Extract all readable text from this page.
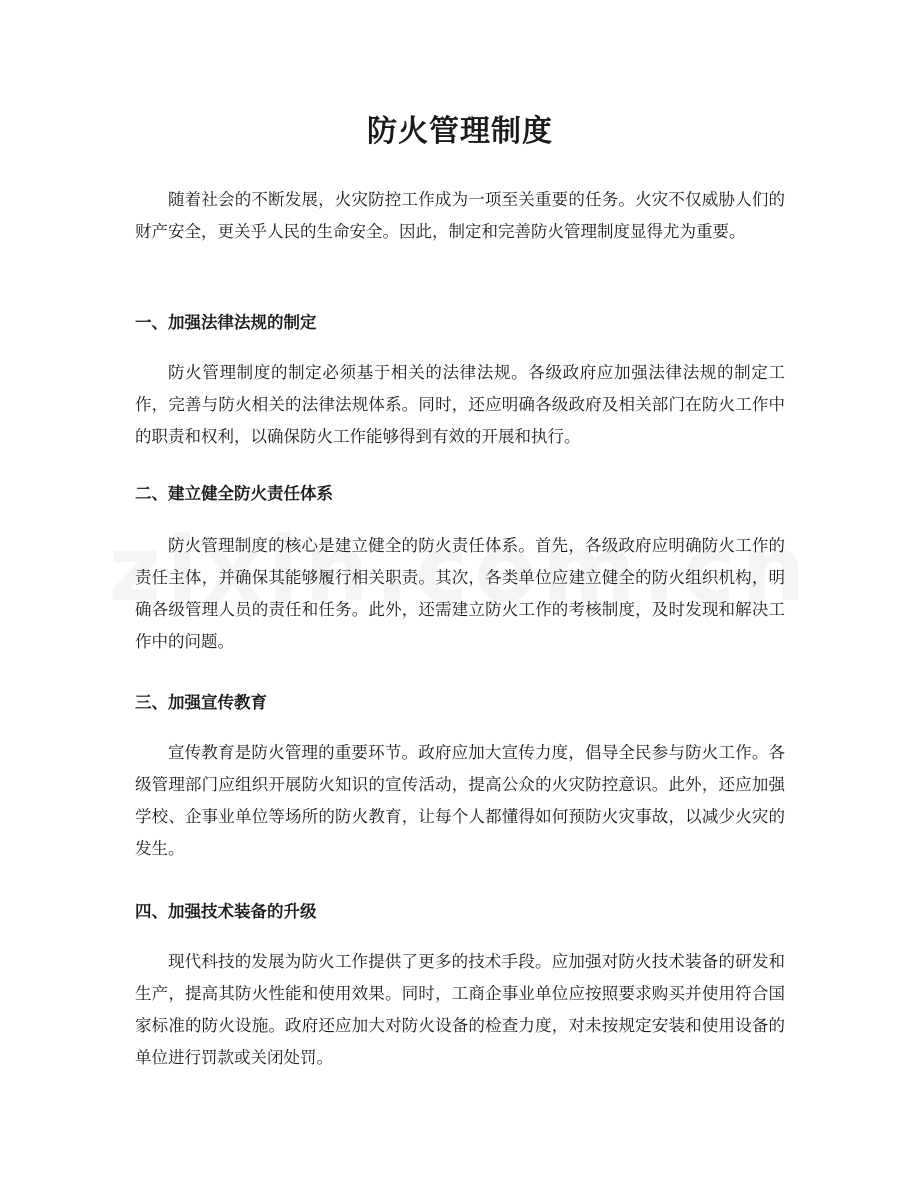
防火管理制度

随着社会的不断发展，火灾防控工作成为一项至关重要的任务。火灾不仅威胁人们的财产安全，更关乎人民的生命安全。因此，制定和完善防火管理制度显得尤为重要。

一、加强法律法规的制定

防火管理制度的制定必须基于相关的法律法规。各级政府应加强法律法规的制定工作，完善与防火相关的法律法规体系。同时，还应明确各级政府及相关部门在防火工作中的职责和权利，以确保防火工作能够得到有效的开展和执行。

二、建立健全防火责任体系

防火管理制度的核心是建立健全的防火责任体系。首先，各级政府应明确防火工作的责任主体，并确保其能够履行相关职责。其次，各类单位应建立健全的防火组织机构，明确各级管理人员的责任和任务。此外，还需建立防火工作的考核制度，及时发现和解决工作中的问题。

三、加强宣传教育

宣传教育是防火管理的重要环节。政府应加大宣传力度，倡导全民参与防火工作。各级管理部门应组织开展防火知识的宣传活动，提高公众的火灾防控意识。此外，还应加强学校、企事业单位等场所的防火教育，让每个人都懂得如何预防火灾事故，以减少火灾的发生。

四、加强技术装备的升级

现代科技的发展为防火工作提供了更多的技术手段。应加强对防火技术装备的研发和生产，提高其防火性能和使用效果。同时，工商企事业单位应按照要求购买并使用符合国家标准的防火设施。政府还应加大对防火设备的检查力度，对未按规定安装和使用设备的单位进行罚款或关闭处罚。
